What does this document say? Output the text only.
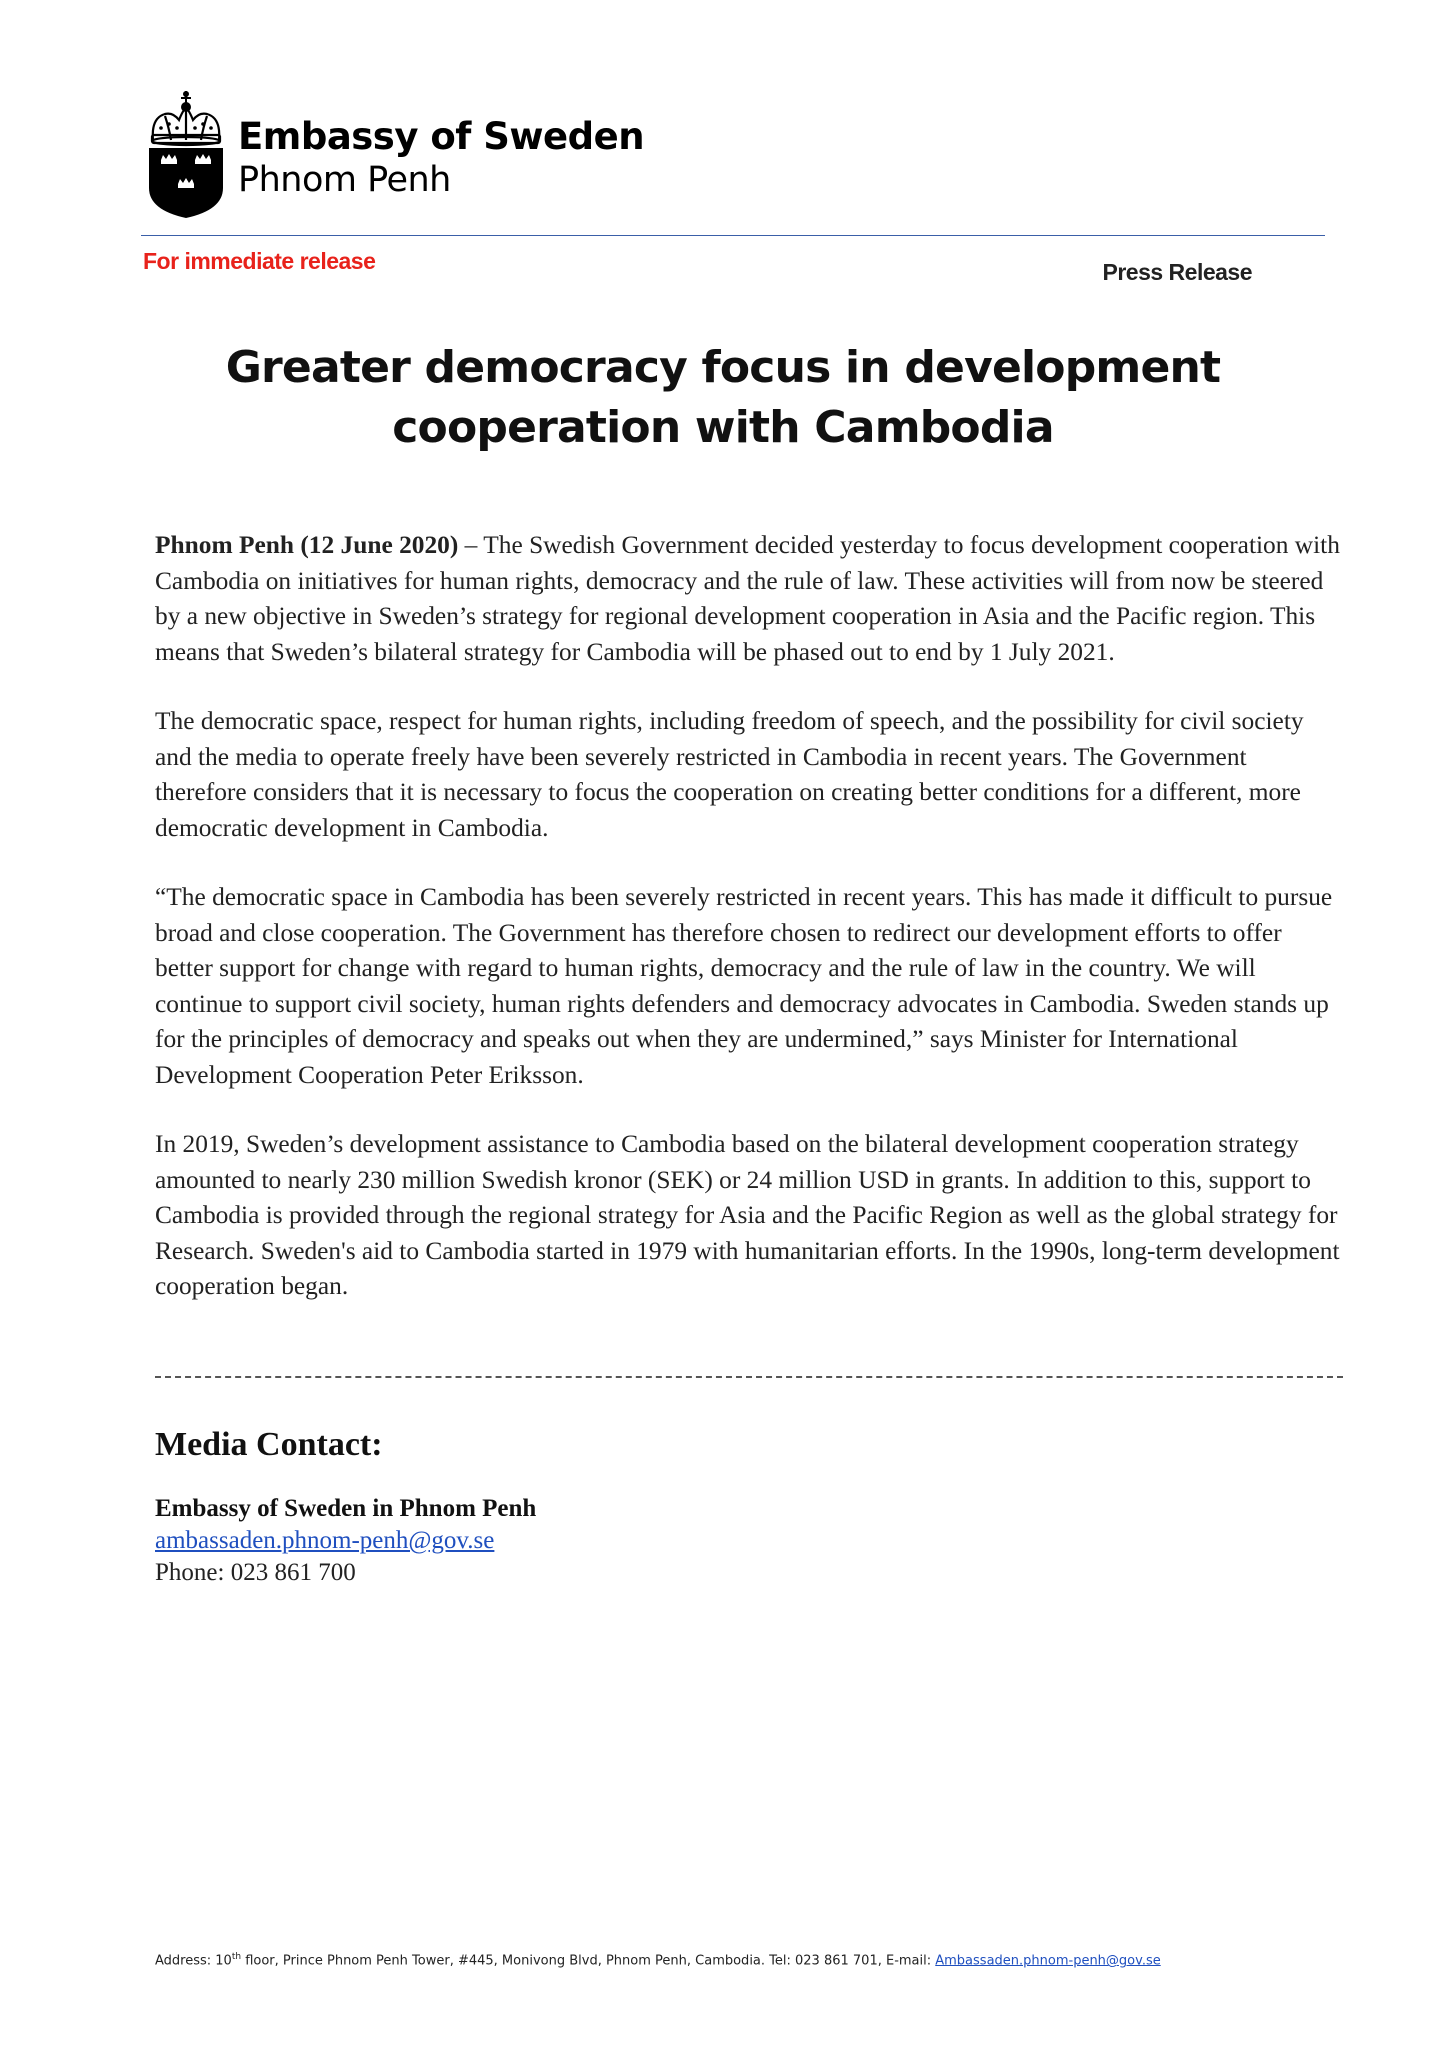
Embassy of Sweden
Phnom Penh
For immediate release	Press Release
Greater democracy focus in development
cooperation with Cambodia

Phnom Penh (12 June 2020) – The Swedish Government decided yesterday to focus development cooperation with Cambodia on initiatives for human rights, democracy and the rule of law. These activities will from now be steered by a new objective in Sweden’s strategy for regional development cooperation in Asia and the Pacific region. This means that Sweden’s bilateral strategy for Cambodia will be phased out to end by 1 July 2021.

The democratic space, respect for human rights, including freedom of speech, and the possibility for civil society and the media to operate freely have been severely restricted in Cambodia in recent years. The Government therefore considers that it is necessary to focus the cooperation on creating better conditions for a different, more democratic development in Cambodia.

“The democratic space in Cambodia has been severely restricted in recent years. This has made it difficult to pursue broad and close cooperation. The Government has therefore chosen to redirect our development efforts to offer better support for change with regard to human rights, democracy and the rule of law in the country. We will continue to support civil society, human rights defenders and democracy advocates in Cambodia. Sweden stands up for the principles of democracy and speaks out when they are undermined,” says Minister for International Development Cooperation Peter Eriksson.

In 2019, Sweden’s development assistance to Cambodia based on the bilateral development cooperation strategy amounted to nearly 230 million Swedish kronor (SEK) or 24 million USD in grants. In addition to this, support to Cambodia is provided through the regional strategy for Asia and the Pacific Region as well as the global strategy for Research. Sweden's aid to Cambodia started in 1979 with humanitarian efforts. In the 1990s, long-term development cooperation began.

Media Contact:
Embassy of Sweden in Phnom Penh
ambassaden.phnom-penh@gov.se
Phone: 023 861 700
Address: 10th floor, Prince Phnom Penh Tower, #445, Monivong Blvd, Phnom Penh, Cambodia. Tel: 023 861 701, E-mail: Ambassaden.phnom-penh@gov.se
